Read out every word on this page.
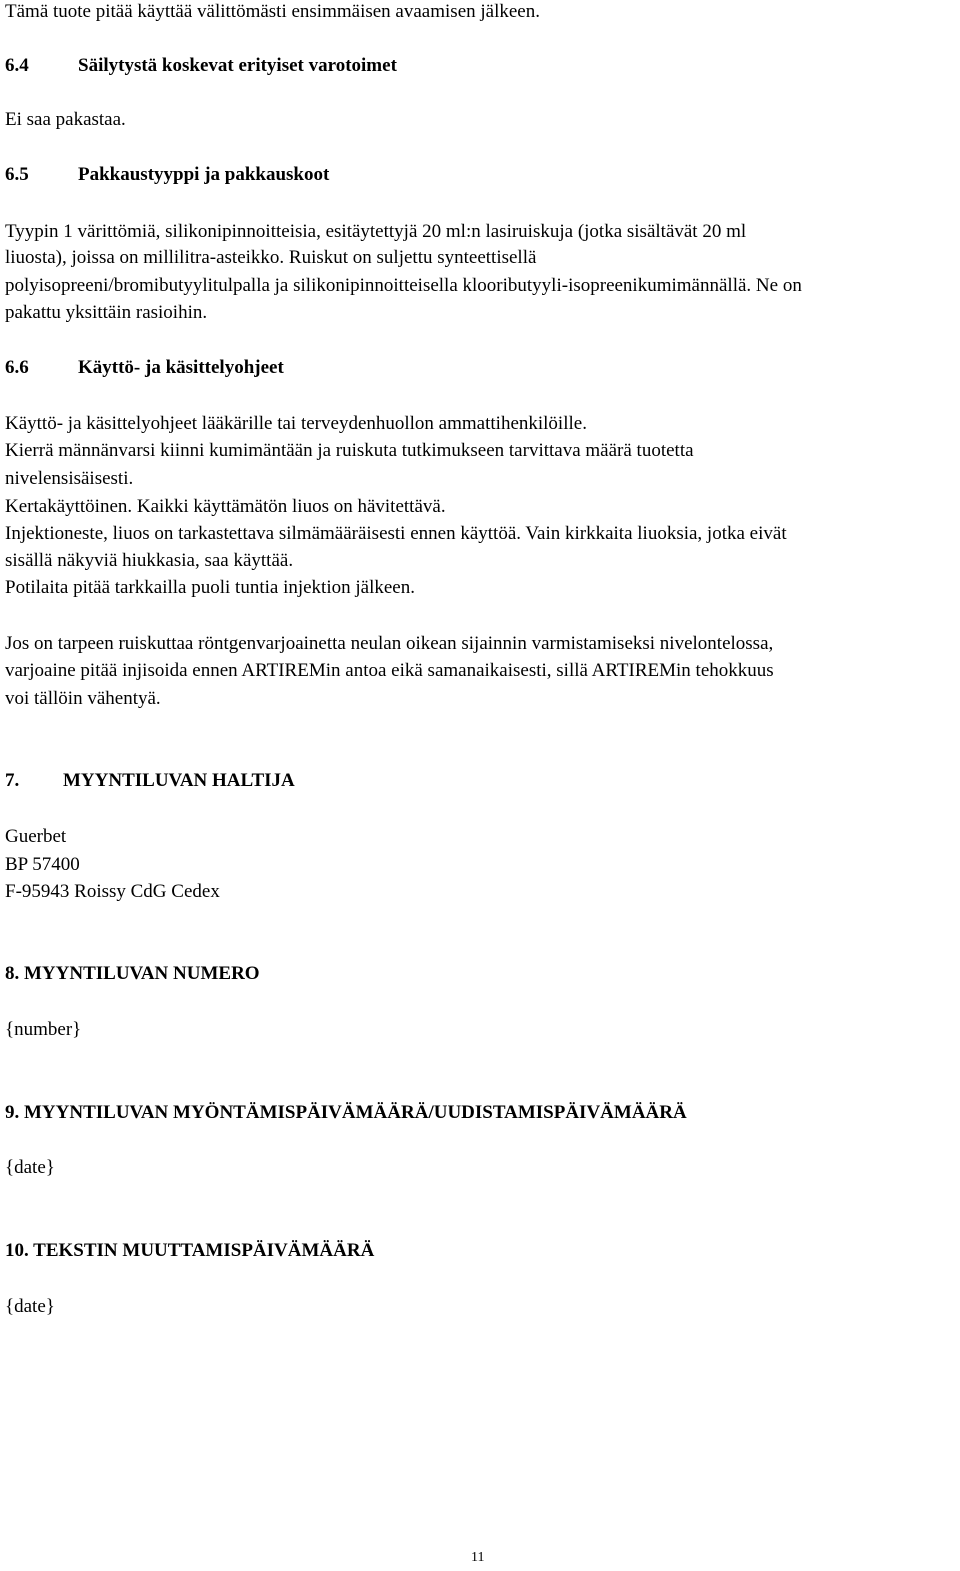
Tämä tuote pitää käyttää välittömästi ensimmäisen avaamisen jälkeen.
6.4	Säilytystä koskevat erityiset varotoimet
Ei saa pakastaa.
6.5	Pakkaustyyppi ja pakkauskoot
Tyypin 1 värittömiä, silikonipinnoitteisia, esitäytettyjä 20 ml:n lasiruiskuja (jotka sisältävät 20 ml
liuosta), joissa on millilitra-asteikko. Ruiskut on suljettu synteettisellä
polyisopreeni/bromibutyylitulpalla ja silikonipinnoitteisella klooributyyli-isopreenikumimännällä. Ne on
pakattu yksittäin rasioihin.
6.6	Käyttö- ja käsittelyohjeet
Käyttö- ja käsittelyohjeet lääkärille tai terveydenhuollon ammattihenkilöille.
Kierrä männänvarsi kiinni kumimäntään ja ruiskuta tutkimukseen tarvittava määrä tuotetta
nivelensisäisesti.
Kertakäyttöinen. Kaikki käyttämätön liuos on hävitettävä.
Injektioneste, liuos on tarkastettava silmämääräisesti ennen käyttöä. Vain kirkkaita liuoksia, jotka eivät
sisällä näkyviä hiukkasia, saa käyttää.
Potilaita pitää tarkkailla puoli tuntia injektion jälkeen.
Jos on tarpeen ruiskuttaa röntgenvarjoainetta neulan oikean sijainnin varmistamiseksi nivelontelossa,
varjoaine pitää injisoida ennen ARTIREMin antoa eikä samanaikaisesti, sillä ARTIREMin tehokkuus
voi tällöin vähentyä.
7. MYYNTILUVAN HALTIJA
Guerbet
BP 57400
F-95943 Roissy CdG Cedex
8. MYYNTILUVAN NUMERO
{number}
9. MYYNTILUVAN MYÖNTÄMISPÄIVÄMÄÄRÄ/UUDISTAMISPÄIVÄMÄÄRÄ
{date}
10. TEKSTIN MUUTTAMISPÄIVÄMÄÄRÄ
{date}
11
